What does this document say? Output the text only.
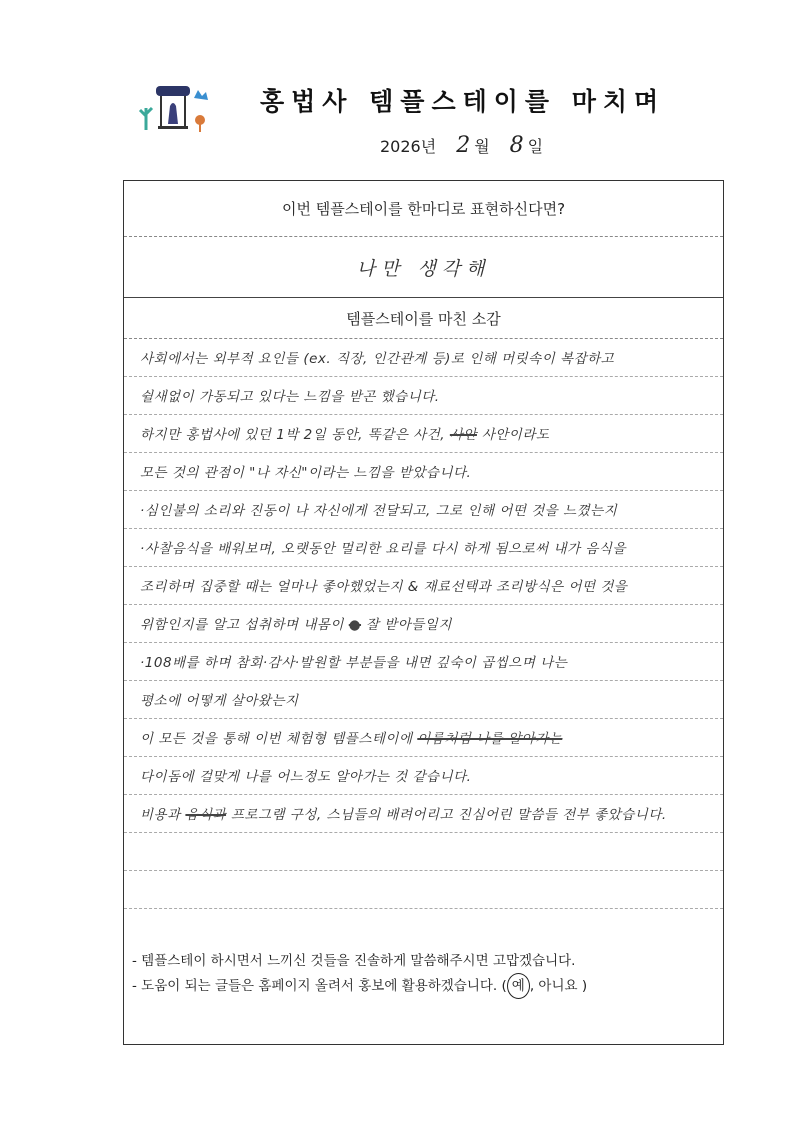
홍법사 템플스테이를 마치며
2026년 2 월 8 일
이번 템플스테이를 한마디로 표현하신다면?
나만 생각해
템플스테이를 마친 소감
사회에서는 외부적 요인들 (ex. 직장, 인간관계 등)로 인해 머릿속이 복잡하고
쉴새없이 가동되고 있다는 느낌을 받곤 했습니다.
하지만 홍법사에 있던 1박 2일 동안, 똑같은 사건, 사안 사안이라도
모든 것의 관점이 "나 자신"이라는 느낌을 받았습니다.
·심인불의 소리와 진동이 나 자신에게 전달되고, 그로 인해 어떤 것을 느꼈는지
·사찰음식을 배워보며, 오랫동안 멀리한 요리를 다시 하게 됨으로써 내가 음식을
조리하며 집중할 때는 얼마나 좋아했었는지 & 재료선택과 조리방식은 어떤 것을
위함인지를 알고 섭취하며 내몸이 ● 잘 받아들일지
·108배를 하며 참회·감사·발원할 부분들을 내면 깊숙이 곱씹으며 나는
평소에 어떻게 살아왔는지
이 모든 것을 통해 이번 체험형 템플스테이에 이름처럼 나를 알아가는
다이돔에 걸맞게 나를 어느정도 알아가는 것 같습니다.
비용과 음식과 프로그램 구성, 스님들의 배려어리고 진심어린 말씀들 전부 좋았습니다.
- 템플스테이 하시면서 느끼신 것들을 진솔하게 말씀해주시면 고맙겠습니다.
- 도움이 되는 글들은 홈페이지 올려서 홍보에 활용하겠습니다. ( 예 , 아니요 )
